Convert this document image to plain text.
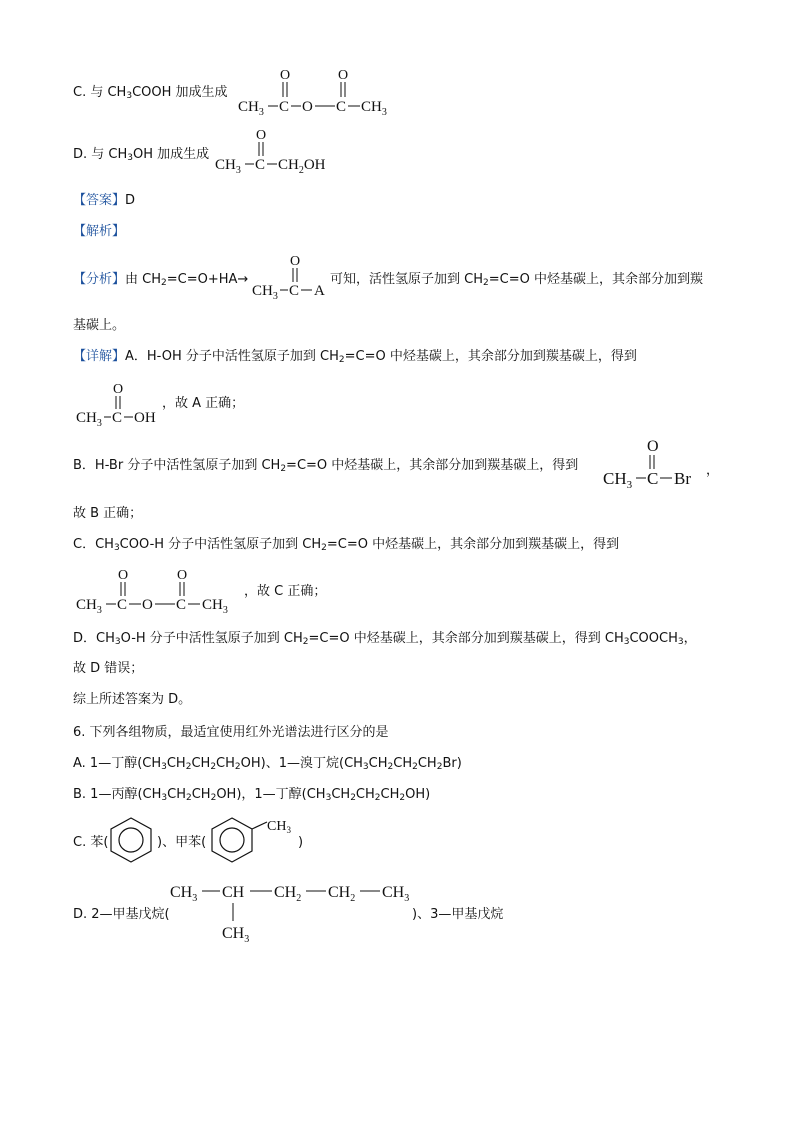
C. 与 $CH_3COOH$ 加成生成
O	O
$CH_3$ C O C $CH_3$
D. 与 $CH_3OH$ 加成生成
O
$CH_3$ C $CH_2OH$
【答案】D
【解析】
【分析】由 $CH_2=C=O+HA\to$
O
$CH_3$ C A
可知，活性氢原子加到 $CH_2=C=O$ 中烃基碳上，其余部分加到羰
基碳上。
【详解】A．H-OH 分子中活性氢原子加到 $CH_2=C=O$ 中烃基碳上，其余部分加到羰基碳上，得到
O
$CH_3$ C OH
，故 A 正确；
B．H-Br 分子中活性氢原子加到 $CH_2=C=O$ 中烃基碳上，其余部分加到羰基碳上，得到
O
$CH_3$ C Br ，
故 B 正确；
C．$CH_3COO-H$ 分子中活性氢原子加到 $CH_2=C=O$ 中烃基碳上，其余部分加到羰基碳上，得到
O	O
$CH_3$ C O C $CH_3$
，故 C 正确；
D．$CH_3O-H$ 分子中活性氢原子加到 $CH_2=C=O$ 中烃基碳上，其余部分加到羰基碳上，得到 $CH_3COOCH_3$，
故 D 错误；
综上所述答案为 D。
6. 下列各组物质，最适宜使用红外光谱法进行区分的是
A. 1—丁醇$(CH_3CH_2CH_2CH_2OH)$、1—溴丁烷$(CH_3CH_2CH_2CH_2Br)$
B. 1—丙醇$(CH_3CH_2CH_2OH)$，1—丁醇$(CH_3CH_2CH_2CH_2OH)$
C. 苯(	)、甲苯(
$CH_3$
)
D. 2—甲基戊烷(
$CH_3$ CH $CH_2$ $CH_2$ $CH_3$
$CH_3$
)、3—甲基戊烷
